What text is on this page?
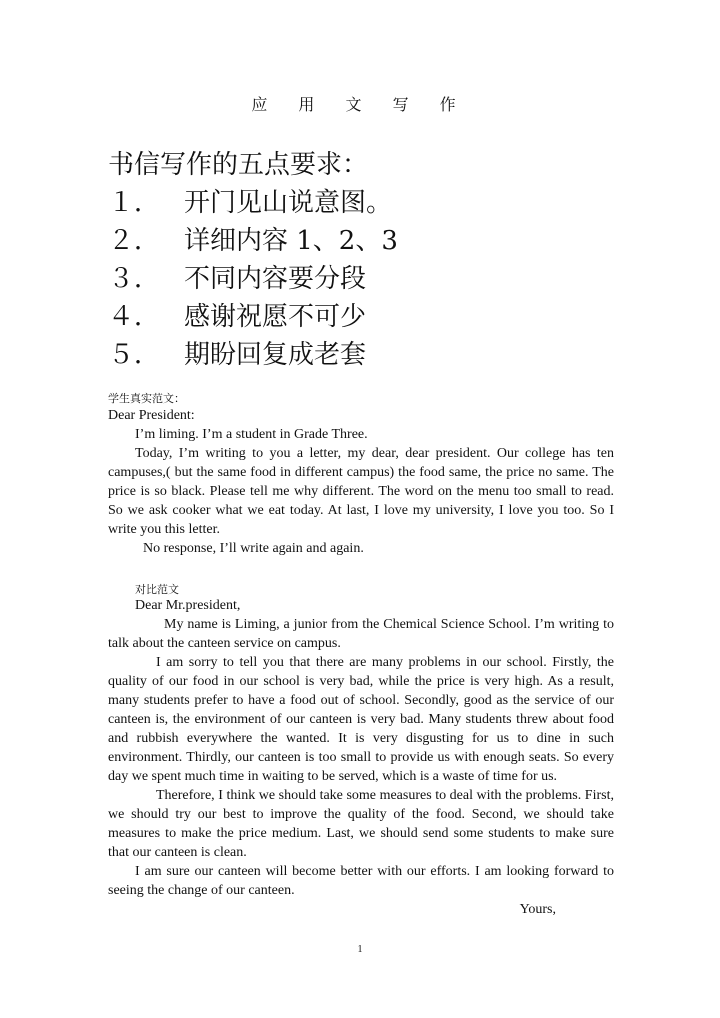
应 用 文 写 作
书信写作的五点要求：
１． 开门见山说意图。
２． 详细内容 1、2、3
３． 不同内容要分段
４． 感谢祝愿不可少
５． 期盼回复成老套
学生真实范文：
Dear President:
I’m liming. I’m a student in Grade Three.
Today, I’m writing to you a letter, my dear, dear president. Our college has ten campuses,( but the same food in different campus) the food same, the price no same. The price is so black. Please tell me why different. The word on the menu too small to read. So we ask cooker what we eat today. At last, I love my university, I love you too. So I write you this letter.
No response, I’ll write again and again.
对比范文
Dear Mr.president,
My name is Liming, a junior from the Chemical Science School. I’m writing to talk about the canteen service on campus.
I am sorry to tell you that there are many problems in our school. Firstly, the quality of our food in our school is very bad, while the price is very high. As a result, many students prefer to have a food out of school. Secondly, good as the service of our canteen is, the environment of our canteen is very bad. Many students threw about food and rubbish everywhere the wanted. It is very disgusting for us to dine in such environment. Thirdly, our canteen is too small to provide us with enough seats. So every day we spent much time in waiting to be served, which is a waste of time for us.
Therefore, I think we should take some measures to deal with the problems. First, we should try our best to improve the quality of the food. Second, we should take measures to make the price medium. Last, we should send some students to make sure that our canteen is clean.
I am sure our canteen will become better with our efforts. I am looking forward to seeing the change of our canteen.
Yours,
1
